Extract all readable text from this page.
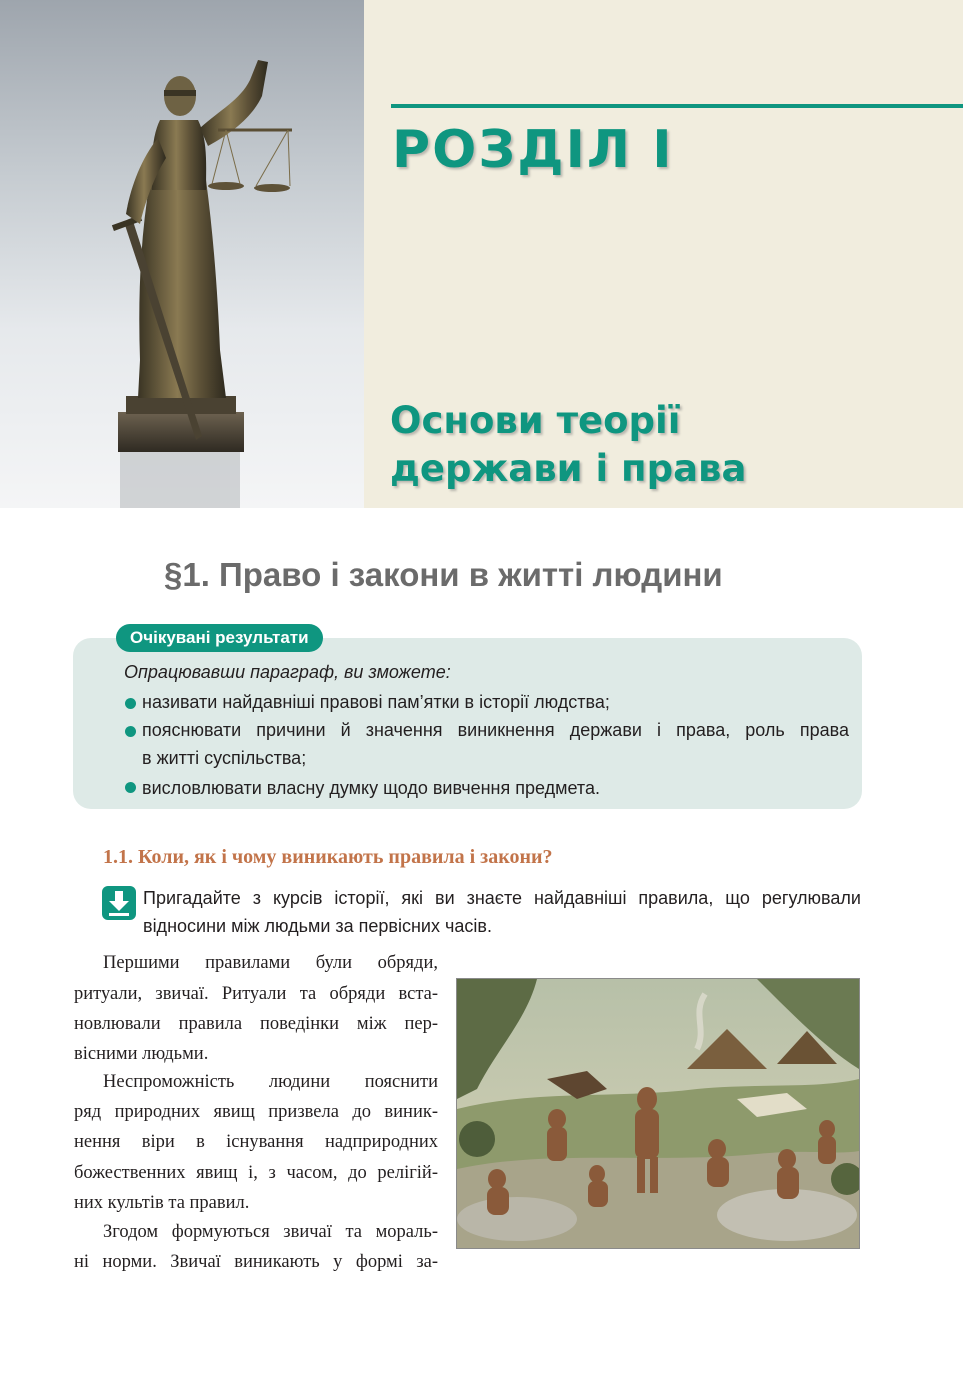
РОЗДІЛ І
Основи теорії
держави і права
§1. Право і закони в житті людини
Очікувані результати
Опрацювавши параграф, ви зможете:
називати найдавніші правові пам’ятки в історії людства;
пояснювати причини й значення виникнення держави і права, роль права
в житті суспільства;
висловлювати власну думку щодо вивчення предмета.
1.1. Коли, як і чому виникають правила і закони?
Пригадайте з курсів історії, які ви знаєте найдавніші правила, що регулювали
відносини між людьми за первісних часів.
Першими правилами були обряди,
ритуали, звичаї. Ритуали та обряди вста-
новлювали правила поведінки між пер-
вісними людьми.
Неспроможність людини пояснити
ряд природних явищ призвела до виник-
нення віри в існування надприродних
божественних явищ і, з часом, до релігій-
них культів та правил.
Згодом формуються звичаї та мораль-
ні норми. Звичаї виникають у формі за-
